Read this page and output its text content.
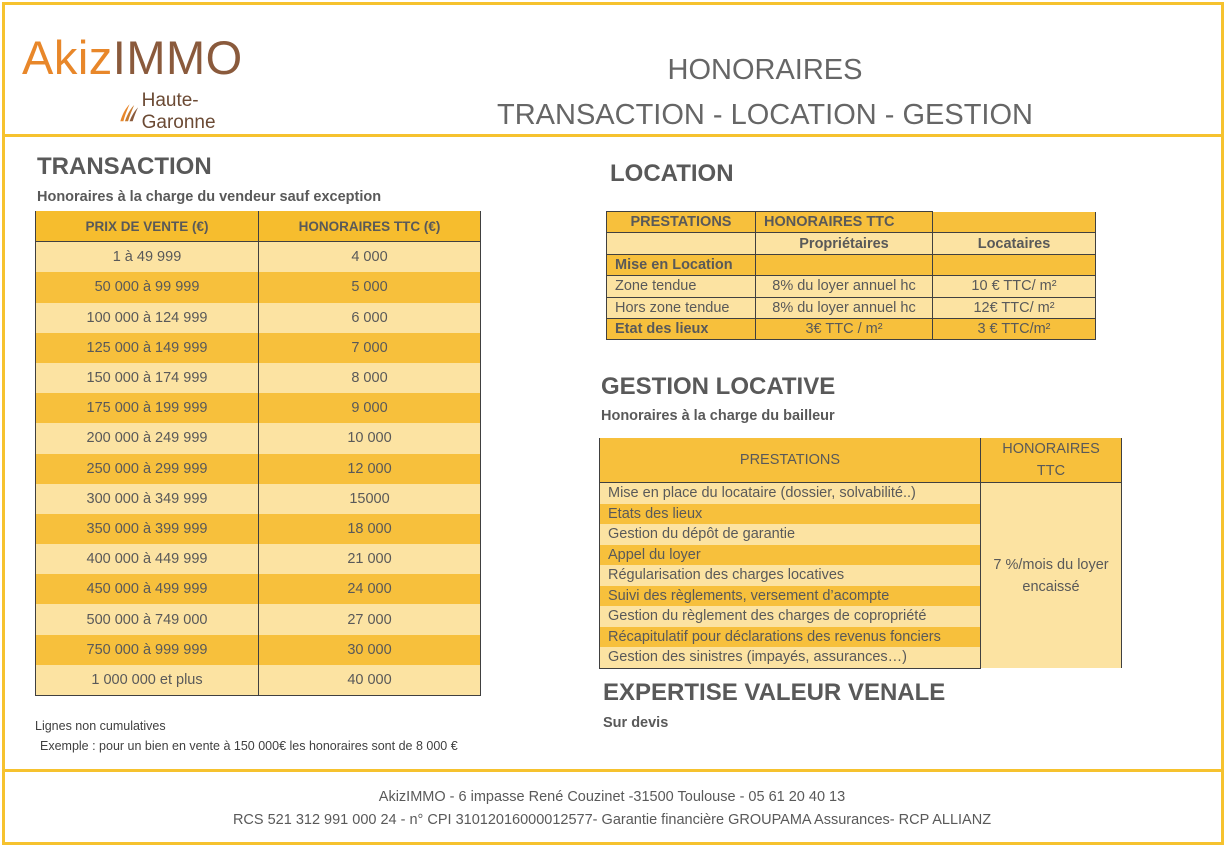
AkizIMMO
Haute-Garonne
HONORAIRES
TRANSACTION - LOCATION - GESTION
TRANSACTION
Honoraires à la charge du vendeur sauf exception
PRIX DE VENTE (€)	HONORAIRES TTC (€)
1 à 49 999	4 000
50 000 à 99 999	5 000
100 000 à 124 999	6 000
125 000 à 149 999	7 000
150 000 à 174 999	8 000
175 000 à 199 999	9 000
200 000 à 249 999	10 000
250 000 à 299 999	12 000
300 000 à 349 999	15000
350 000 à 399 999	18 000
400 000 à 449 999	21 000
450 000 à 499 999	24 000
500 000 à 749 000	27 000
750 000 à 999 999	30 000
1 000 000 et plus	40 000
Lignes non cumulatives
Exemple : pour un bien en vente à 150 000€ les honoraires sont de 8 000 €
LOCATION
PRESTATIONS	HONORAIRES TTC	
	Propriétaires	Locataires
Mise en Location		
Zone tendue	8% du loyer annuel hc	10 € TTC/ m²
Hors zone tendue	8% du loyer annuel hc	12€ TTC/ m²
Etat des lieux	3€ TTC / m²	3 € TTC/m²
GESTION LOCATIVE
Honoraires à la charge du bailleur
PRESTATIONS	HONORAIRES TTC
Mise en place du locataire (dossier, solvabilité..)	7 %/mois du loyer encaissé
Etats des lieux	
Gestion du dépôt de garantie	
Appel du loyer	
Régularisation des charges locatives	
Suivi des règlements, versement d’acompte	
Gestion du règlement des charges de copropriété	
Récapitulatif pour déclarations des revenus fonciers	
Gestion des sinistres (impayés, assurances…)	
EXPERTISE VALEUR VENALE
Sur devis
AkizIMMO - 6 impasse René Couzinet -31500 Toulouse - 05 61 20 40 13
RCS 521 312 991 000 24 - n° CPI 31012016000012577- Garantie financière GROUPAMA Assurances- RCP ALLIANZ
